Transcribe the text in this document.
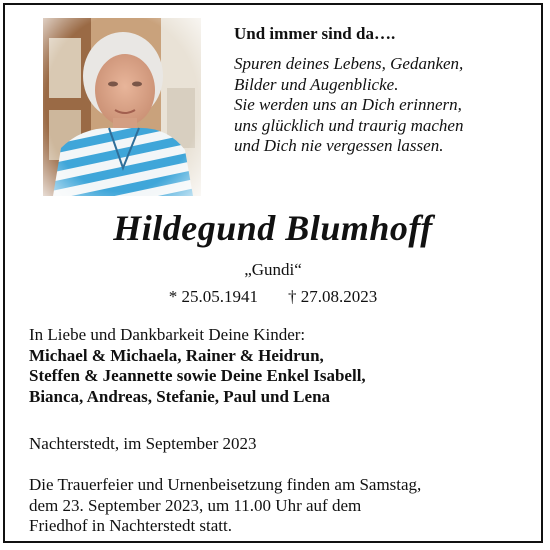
Und immer sind da….
Spuren deines Lebens, Gedanken,
Bilder und Augenblicke.
Sie werden uns an Dich erinnern,
uns glücklich und traurig machen
und Dich nie vergessen lassen.
Hildegund Blumhoff
„Gundi“
* 25.05.1941 † 27.08.2023
In Liebe und Dankbarkeit Deine Kinder:
Michael & Michaela, Rainer & Heidrun,
Steffen & Jeannette sowie Deine Enkel Isabell,
Bianca, Andreas, Stefanie, Paul und Lena
Nachterstedt, im September 2023
Die Trauerfeier und Urnenbeisetzung finden am Samstag,
dem 23. September 2023, um 11.00 Uhr auf dem
Friedhof in Nachterstedt statt.
